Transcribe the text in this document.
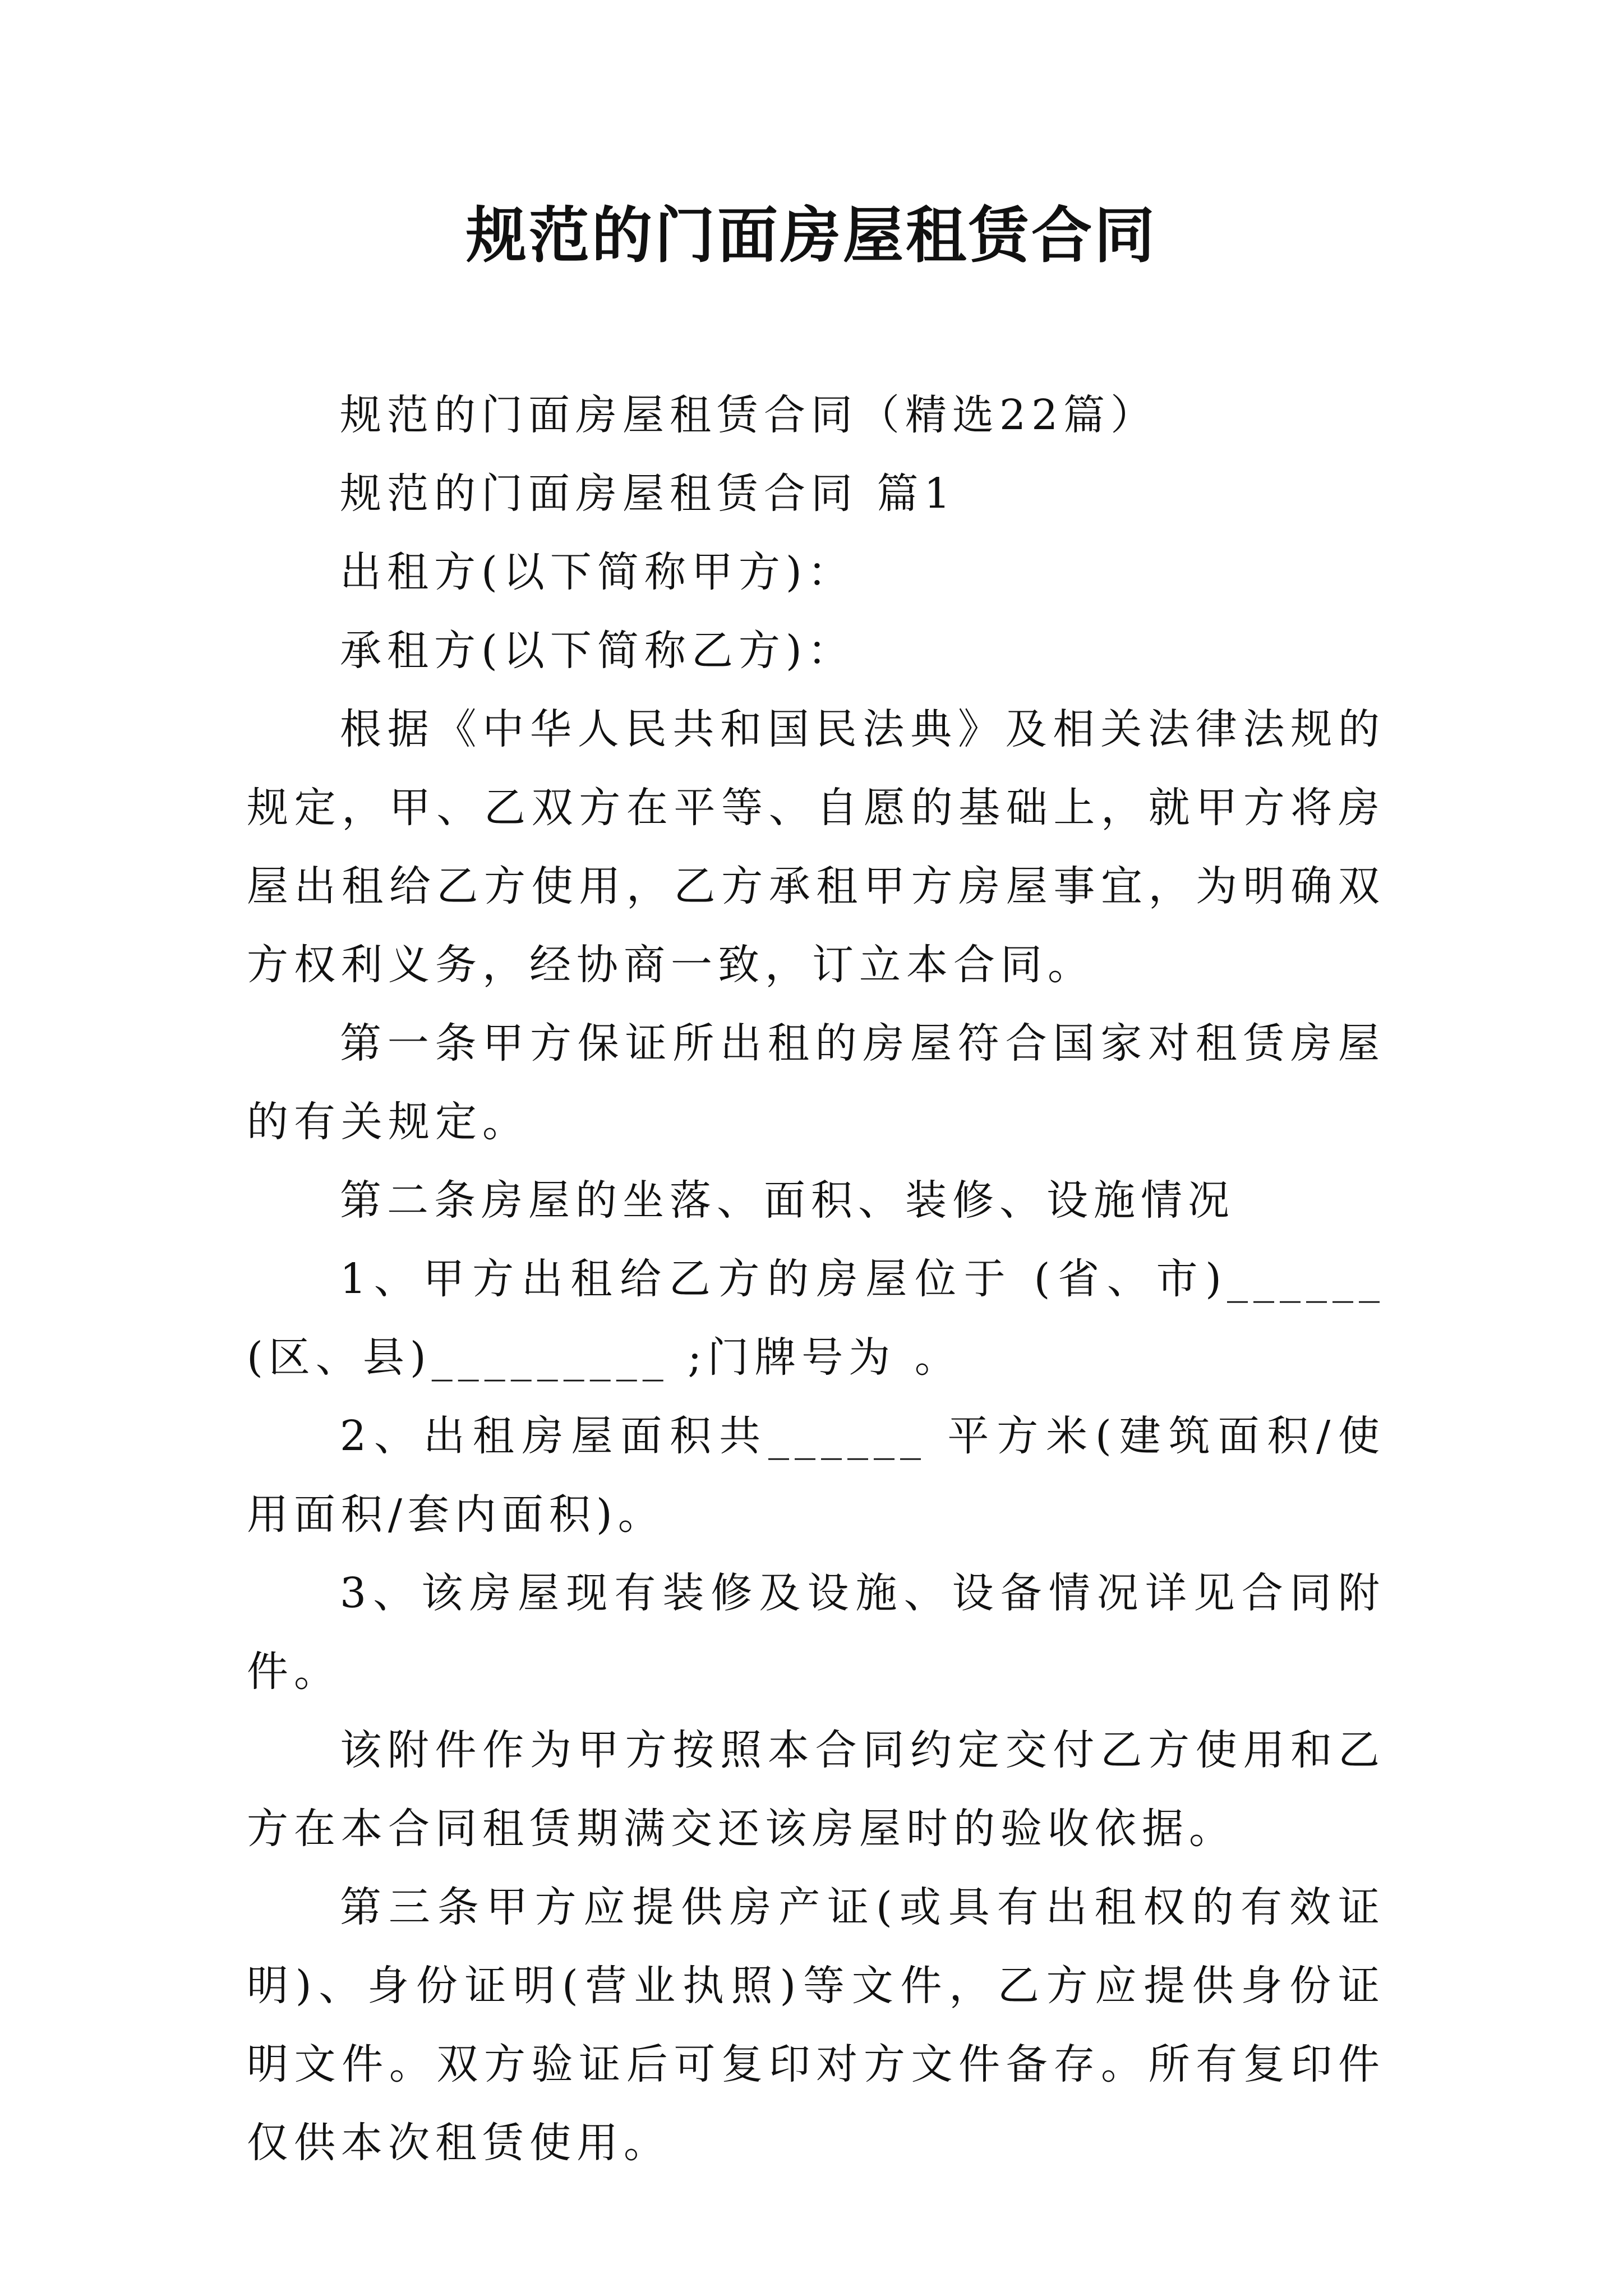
规范的门面房屋租赁合同

规范的门面房屋租赁合同（精选22篇）

规范的门面房屋租赁合同 篇1

出租方(以下简称甲方)：

承租方(以下简称乙方)：

根据《中华人民共和国民法典》及相关法律法规的规定，甲、乙双方在平等、自愿的基础上，就甲方将房屋出租给乙方使用，乙方承租甲方房屋事宜，为明确双方权利义务，经协商一致，订立本合同。

第一条甲方保证所出租的房屋符合国家对租赁房屋的有关规定。

第二条房屋的坐落、面积、装修、设施情况

1、甲方出租给乙方的房屋位于 (省、市)______(区、县)_________ ;门牌号为 。

2、出租房屋面积共______ 平方米(建筑面积/使用面积/套内面积)。

3、该房屋现有装修及设施、设备情况详见合同附件。

该附件作为甲方按照本合同约定交付乙方使用和乙方在本合同租赁期满交还该房屋时的验收依据。

第三条甲方应提供房产证(或具有出租权的有效证明)、身份证明(营业执照)等文件，乙方应提供身份证明文件。双方验证后可复印对方文件备存。所有复印件仅供本次租赁使用。
